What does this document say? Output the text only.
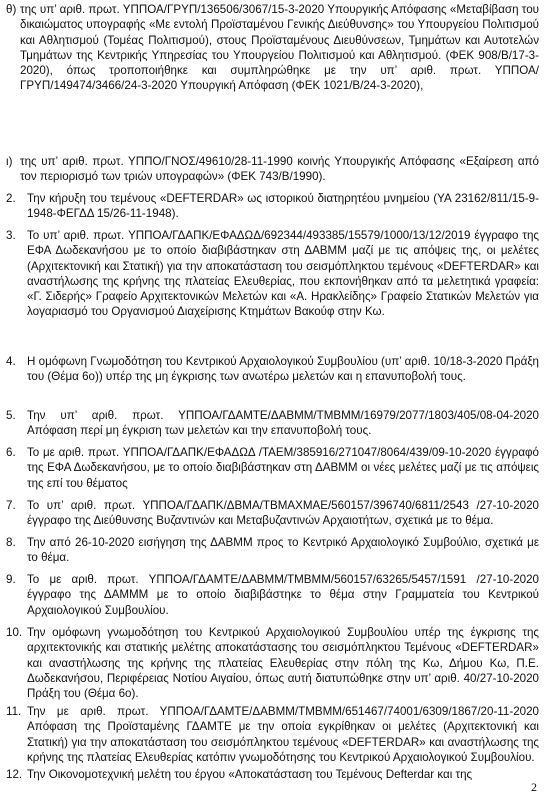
θ) της υπ’ αριθ. πρωτ. ΥΠΠΟΑ/ΓΡΥΠ/136506/3067/15-3-2020 Υπουργικής Απόφασης «Μεταβίβαση του δικαιώματος υπογραφής «Με εντολή Προϊσταμένου Γενικής Διεύθυνσης» του Υπουργείου Πολιτισμού και Αθλητισμού (Τομέας Πολιτισμού), στους Προϊσταμένους Διευθύνσεων, Τμημάτων και Αυτοτελών Τμημάτων της Κεντρικής Υπηρεσίας του Υπουργείου Πολιτισμού και Αθλητισμού. (ΦΕΚ 908/Β/17-3-2020), όπως τροποποιήθηκε και συμπληρώθηκε με την υπ’ αριθ. πρωτ. ΥΠΠΟΑ/ΓΡΥΠ/149474/3466/24-3-2020 Υπουργική Απόφαση (ΦΕΚ 1021/Β/24-3-2020),

ι) της υπ’ αριθ. πρωτ. ΥΠΠΟ/ΓΝΟΣ/49610/28-11-1990 κοινής Υπουργικής Απόφασης «Εξαίρεση από τον περιορισμό των τριών υπογραφών» (ΦΕΚ 743/Β/1990).

2. Την κήρυξη του τεμένους «DEFTERDAR» ως ιστορικού διατηρητέου μνημείου (ΥΑ 23162/811/15-9-1948-ΦΕΓΔΔ 15/26-11-1948).

3. Το υπ’ αριθ. πρωτ. ΥΠΠΟΑ/ΓΔΑΠΚ/ΕΦΑΔΩΔ/692344/493385/15579/1000/13/12/2019 έγγραφο της ΕΦΑ Δωδεκανήσου με το οποίο διαβιβάστηκαν στη ΔΑΒΜΜ μαζί με τις απόψεις της, οι μελέτες (Αρχιτεκτονική και Στατική) για την αποκατάσταση του σεισμόπληκτου τεμένους «DEFTERDAR» και αναστήλωσης της κρήνης της πλατείας Ελευθερίας, που εκπονήθηκαν από τα μελετητικά γραφεία: «Γ. Σιδερής» Γραφείο Αρχιτεκτονικών Μελετών και «Α. Ηρακλείδης» Γραφείο Στατικών Μελετών για λογαριασμό του Οργανισμού Διαχείρισης Κτημάτων Βακούφ στην Κω.

4. Η ομόφωνη Γνωμοδότηση του Κεντρικού Αρχαιολογικού Συμβουλίου (υπ’ αριθ. 10/18-3-2020 Πράξη του (Θέμα 6ο)) υπέρ της μη έγκρισης των ανωτέρω μελετών και η επανυποβολή τους.

5. Την υπ’ αριθ. πρωτ. ΥΠΠΟΑ/ΓΔΑΜΤΕ/ΔΑΒΜΜ/ΤΜΒΜΜ/16979/2077/1803/405/08-04-2020 Απόφαση περί μη έγκριση των μελετών και την επανυποβολή τους.

6. Το με αριθ. πρωτ. ΥΠΠΟΑ/ΓΔΑΠΚ/ΕΦΑΔΩΔ /ΤΑΕΜ/385916/271047/8064/439/09-10-2020 έγγραφό της ΕΦΑ Δωδεκανήσου, με το οποίο διαβιβάστηκαν στη ΔΑΒΜΜ οι νέες μελέτες μαζί με τις απόψεις της επί του θέματος

7. Το υπ’ αριθ. πρωτ. ΥΠΠΟΑ/ΓΔΑΠΚ/ΔΒΜΑ/ΤΒΜΑΧΜΑΕ/560157/396740/6811/2543 /27-10-2020 έγγραφο της Διεύθυνσης Βυζαντινών και Μεταβυζαντινών Αρχαιοτήτων, σχετικά με το θέμα.

8. Την από 26-10-2020 εισήγηση της ΔΑΒΜΜ προς το Κεντρικό Αρχαιολογικό Συμβούλιο, σχετικά με το θέμα.

9. Το με αριθ. πρωτ. ΥΠΠΟΑ/ΓΔΑΜΤΕ/ΔΑΒΜΜ/ΤΜΒΜΜ/560157/63265/5457/1591 /27-10-2020 έγγραφο της ΔΑΜΜΜ με το οποίο διαβιβάστηκε το θέμα στην Γραμματεία του Κεντρικού Αρχαιολογικού Συμβουλίου.

10. Την ομόφωνη γνωμοδότηση του Κεντρικού Αρχαιολογικού Συμβουλίου υπέρ της έγκρισης της αρχιτεκτονικής και στατικής μελέτης αποκατάστασης του σεισμόπληκτου Τεμένους «DEFTERDAR» και αναστήλωσης της κρήνης της πλατείας Ελευθερίας στην πόλη της Κω, Δήμου Κω, Π.Ε. Δωδεκανήσου, Περιφέρειας Νοτίου Αιγαίου, όπως αυτή διατυπώθηκε στην υπ’ αριθ. 40/27-10-2020 Πράξη του (Θέμα 6ο).

11. Την με αριθ. πρωτ. ΥΠΠΟΑ/ΓΔΑΜΤΕ/ΔΑΒΜΜ/ΤΜΒΜΜ/651467/74001/6309/1867/20-11-2020 Απόφαση της Προϊσταμένης ΓΔΑΜΤΕ με την οποία εγκρίθηκαν οι μελέτες (Αρχιτεκτονική και Στατική) για την αποκατάσταση του σεισμόπληκτου τεμένους «DEFTERDAR» και αναστήλωσης της κρήνης της πλατείας Ελευθερίας κατόπιν γνωμοδότησης του Κεντρικού Αρχαιολογικού Συμβουλίου.

12. Την Οικονομοτεχνική μελέτη του έργου «Αποκατάσταση του Τεμένους Defterdar και της

2
